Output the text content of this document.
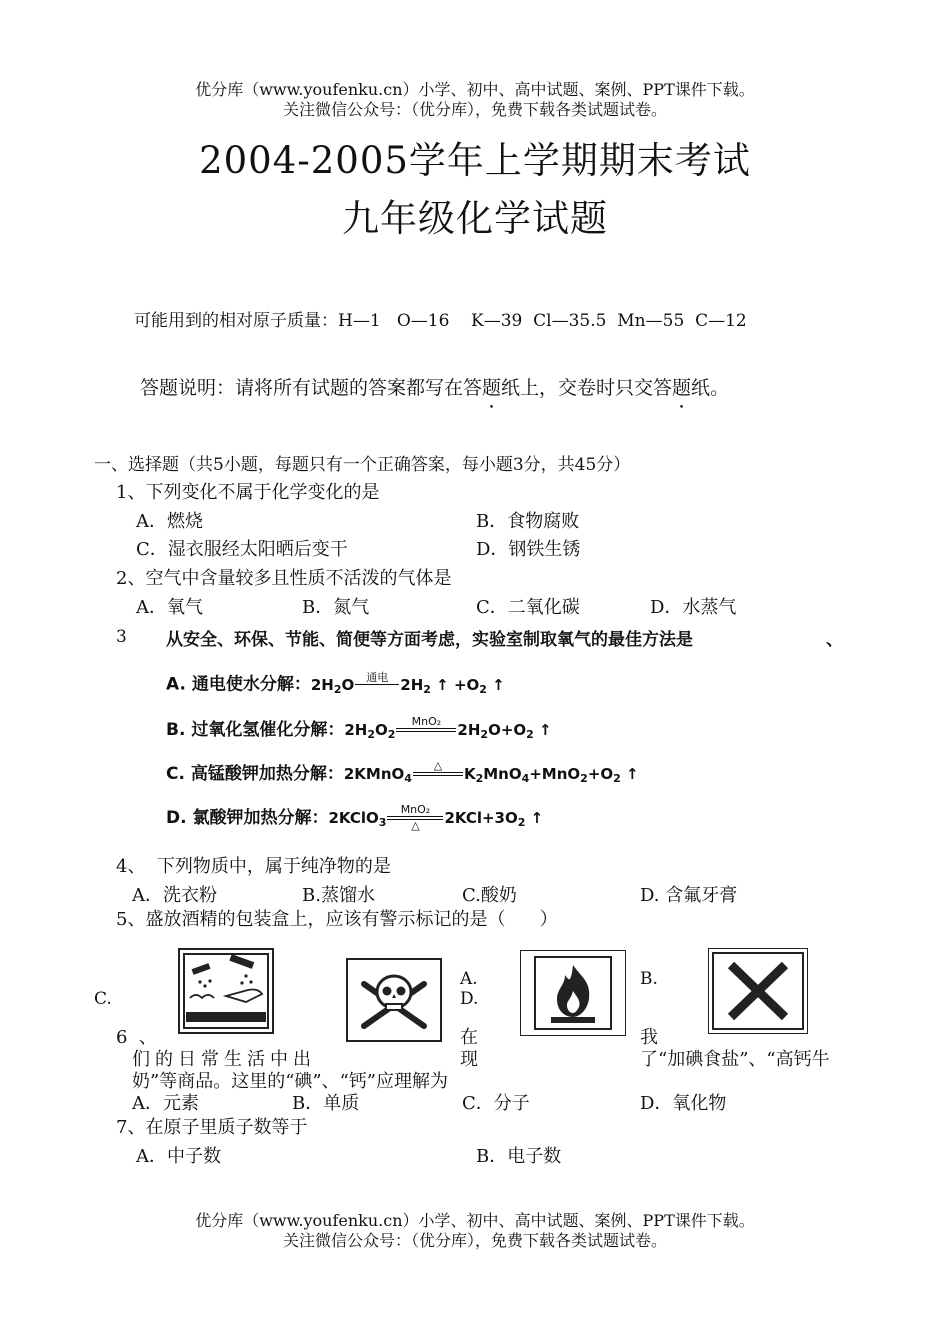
优分库（www.youfenku.cn）小学、初中、高中试题、案例、PPT课件下载。
关注微信公众号：（优分库），免费下载各类试题试卷。
2004-2005学年上学期期末考试
九年级化学试题
可能用到的相对原子质量：H—1   O—16    K—39  Cl—35.5  Mn—55  C—12
答题说明：请将所有试题的答案都写在答题纸上，交卷时只交答题纸。
一、选择题（共5小题，每题只有一个正确答案，每小题3分，共45分）
1、下列变化不属于化学变化的是
A．燃烧	B．食物腐败
C．湿衣服经太阳晒后变干	D．钢铁生锈
2、空气中含量较多且性质不活泼的气体是
A．氧气	B．氮气	C．二氧化碳	D．水蒸气
3 从安全、环保、节能、简便等方面考虑，实验室制取氧气的最佳方法是	、
A. 通电使水分解：$2H_2O$	通电
$2H_2$ ↑ $+O_2$ ↑
B. 过氧化氢催化分解：$2H_2O_2$
MnO₂
	$2H_2O+O_2$ ↑
C. 高锰酸钾加热分解：2KMnO$_4$
△
	$K_2MnO_4+MnO_2+O_2$ ↑
D. 氯酸钾加热分解：2KClO$_3$
MnO₂
△	$2KCl+3O_2$ ↑
4、  下列物质中，属于纯净物的是
A．洗衣粉	B.蒸馏水	C.酸奶	D. 含氟牙膏
5、盛放酒精的包装盒上，应该有警示标记的是（      ）
C.
A.
D.
B.
6  、	在	我
们的日常生活中出	现	了“加碘食盐”、“高钙牛
奶”等商品。这里的“碘”、“钙”应理解为
A．元素	B．单质	C．分子	D．氧化物
7、在原子里质子数等于
A．中子数	B．电子数
优分库（www.youfenku.cn）小学、初中、高中试题、案例、PPT课件下载。
关注微信公众号：（优分库），免费下载各类试题试卷。
